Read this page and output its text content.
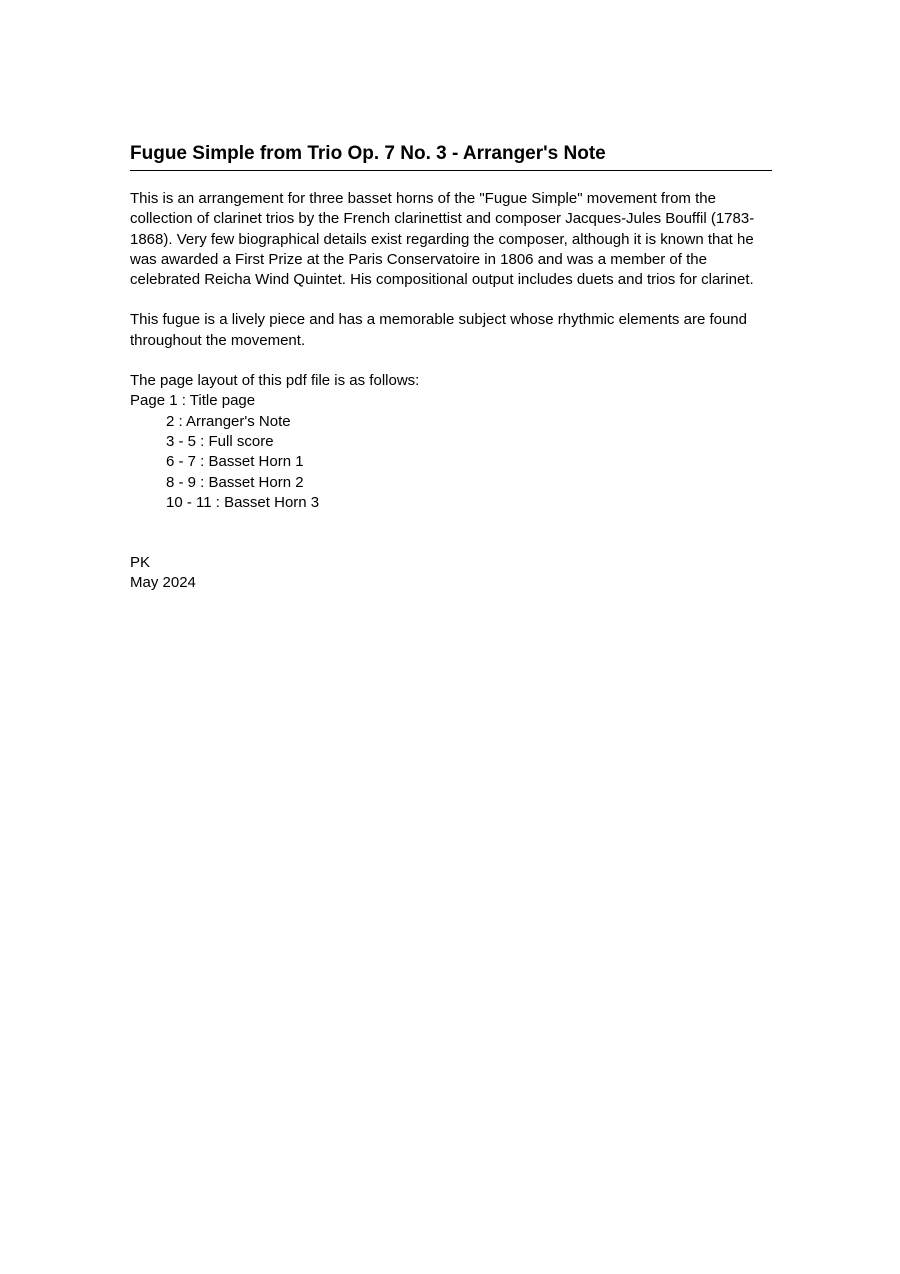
Fugue Simple from Trio Op. 7 No. 3 - Arranger's Note

This is an arrangement for three basset horns of the "Fugue Simple" movement from the collection of clarinet trios by the French clarinettist and composer Jacques-Jules Bouffil (1783-1868). Very few biographical details exist regarding the composer, although it is known that he was awarded a First Prize at the Paris Conservatoire in 1806 and was a member of the celebrated Reicha Wind Quintet. His compositional output includes duets and trios for clarinet.

This fugue is a lively piece and has a memorable subject whose rhythmic elements are found throughout the movement.

The page layout of this pdf file is as follows:

Page 1 : Title page
2 : Arranger's Note
3 - 5 : Full score
6 - 7 : Basset Horn 1
8 - 9 : Basset Horn 2
10 - 11 : Basset Horn 3
PK
May 2024
